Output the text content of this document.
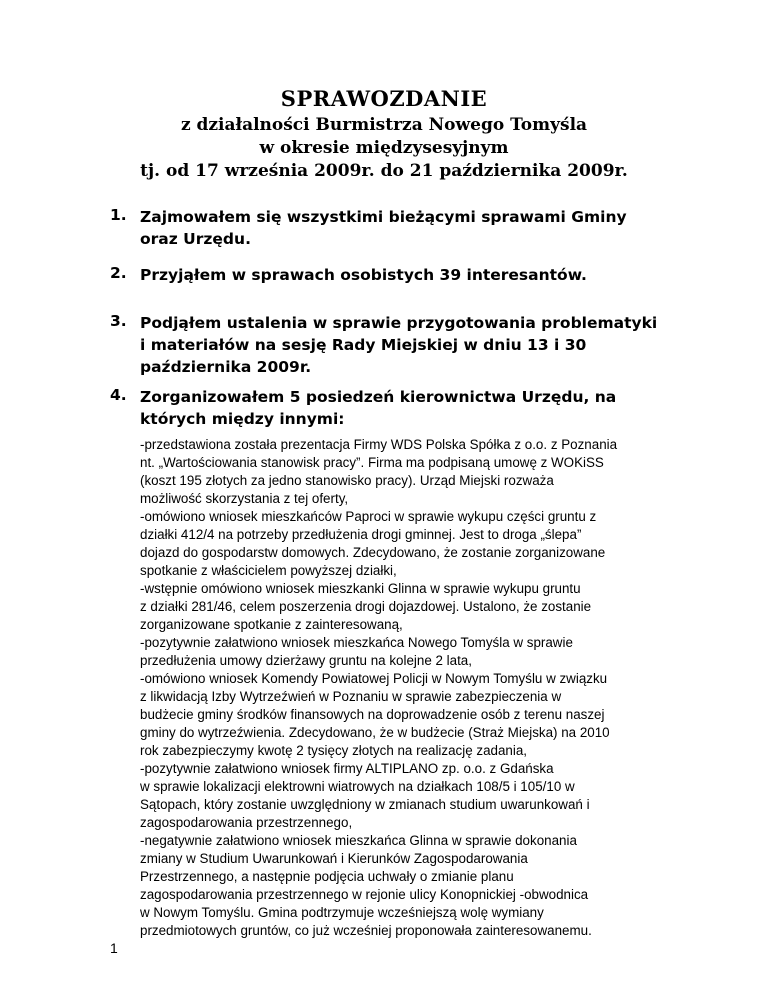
SPRAWOZDANIE
z działalności Burmistrza Nowego Tomyśla
w okresie międzysesyjnym
tj. od 17 września 2009r. do 21 października 2009r.
1. Zajmowałem się wszystkimi bieżącymi sprawami Gminy
oraz Urzędu.
2. Przyjąłem w sprawach osobistych 39 interesantów.
3. Podjąłem ustalenia w sprawie przygotowania problematyki
i materiałów na sesję Rady Miejskiej w dniu 13 i 30
października 2009r.
4. Zorganizowałem 5 posiedzeń kierownictwa Urzędu, na
których między innymi:
-przedstawiona została prezentacja Firmy WDS Polska Spółka z o.o. z Poznania
nt. „Wartościowania stanowisk pracy”. Firma ma podpisaną umowę z WOKiSS
(koszt 195 złotych za jedno stanowisko pracy). Urząd Miejski rozważa
możliwość skorzystania z tej oferty,
-omówiono wniosek mieszkańców Paproci w sprawie wykupu części gruntu z
działki 412/4 na potrzeby przedłużenia drogi gminnej. Jest to droga „ślepa”
dojazd do gospodarstw domowych. Zdecydowano, że zostanie zorganizowane
spotkanie z właścicielem powyższej działki,
-wstępnie omówiono wniosek mieszkanki Glinna w sprawie wykupu gruntu
z działki 281/46, celem poszerzenia drogi dojazdowej. Ustalono, że zostanie
zorganizowane spotkanie z zainteresowaną,
-pozytywnie załatwiono wniosek mieszkańca Nowego Tomyśla w sprawie
przedłużenia umowy dzierżawy gruntu na kolejne 2 lata,
-omówiono wniosek Komendy Powiatowej Policji w Nowym Tomyślu w związku
z likwidacją Izby Wytrzeźwień w Poznaniu w sprawie zabezpieczenia w
budżecie gminy środków finansowych na doprowadzenie osób z terenu naszej
gminy do wytrzeźwienia. Zdecydowano, że w budżecie (Straż Miejska) na 2010
rok zabezpieczymy kwotę 2 tysięcy złotych na realizację zadania,
-pozytywnie załatwiono wniosek firmy ALTIPLANO zp. o.o. z Gdańska
w sprawie lokalizacji elektrowni wiatrowych na działkach 108/5 i 105/10 w
Sątopach, który zostanie uwzględniony w zmianach studium uwarunkowań i
zagospodarowania przestrzennego,
-negatywnie załatwiono wniosek mieszkańca Glinna w sprawie dokonania
zmiany w Studium Uwarunkowań i Kierunków Zagospodarowania
Przestrzennego, a następnie podjęcia uchwały o zmianie planu
zagospodarowania przestrzennego w rejonie ulicy Konopnickiej -obwodnica
w Nowym Tomyślu. Gmina podtrzymuje wcześniejszą wolę wymiany
przedmiotowych gruntów, co już wcześniej proponowała zainteresowanemu.
1
